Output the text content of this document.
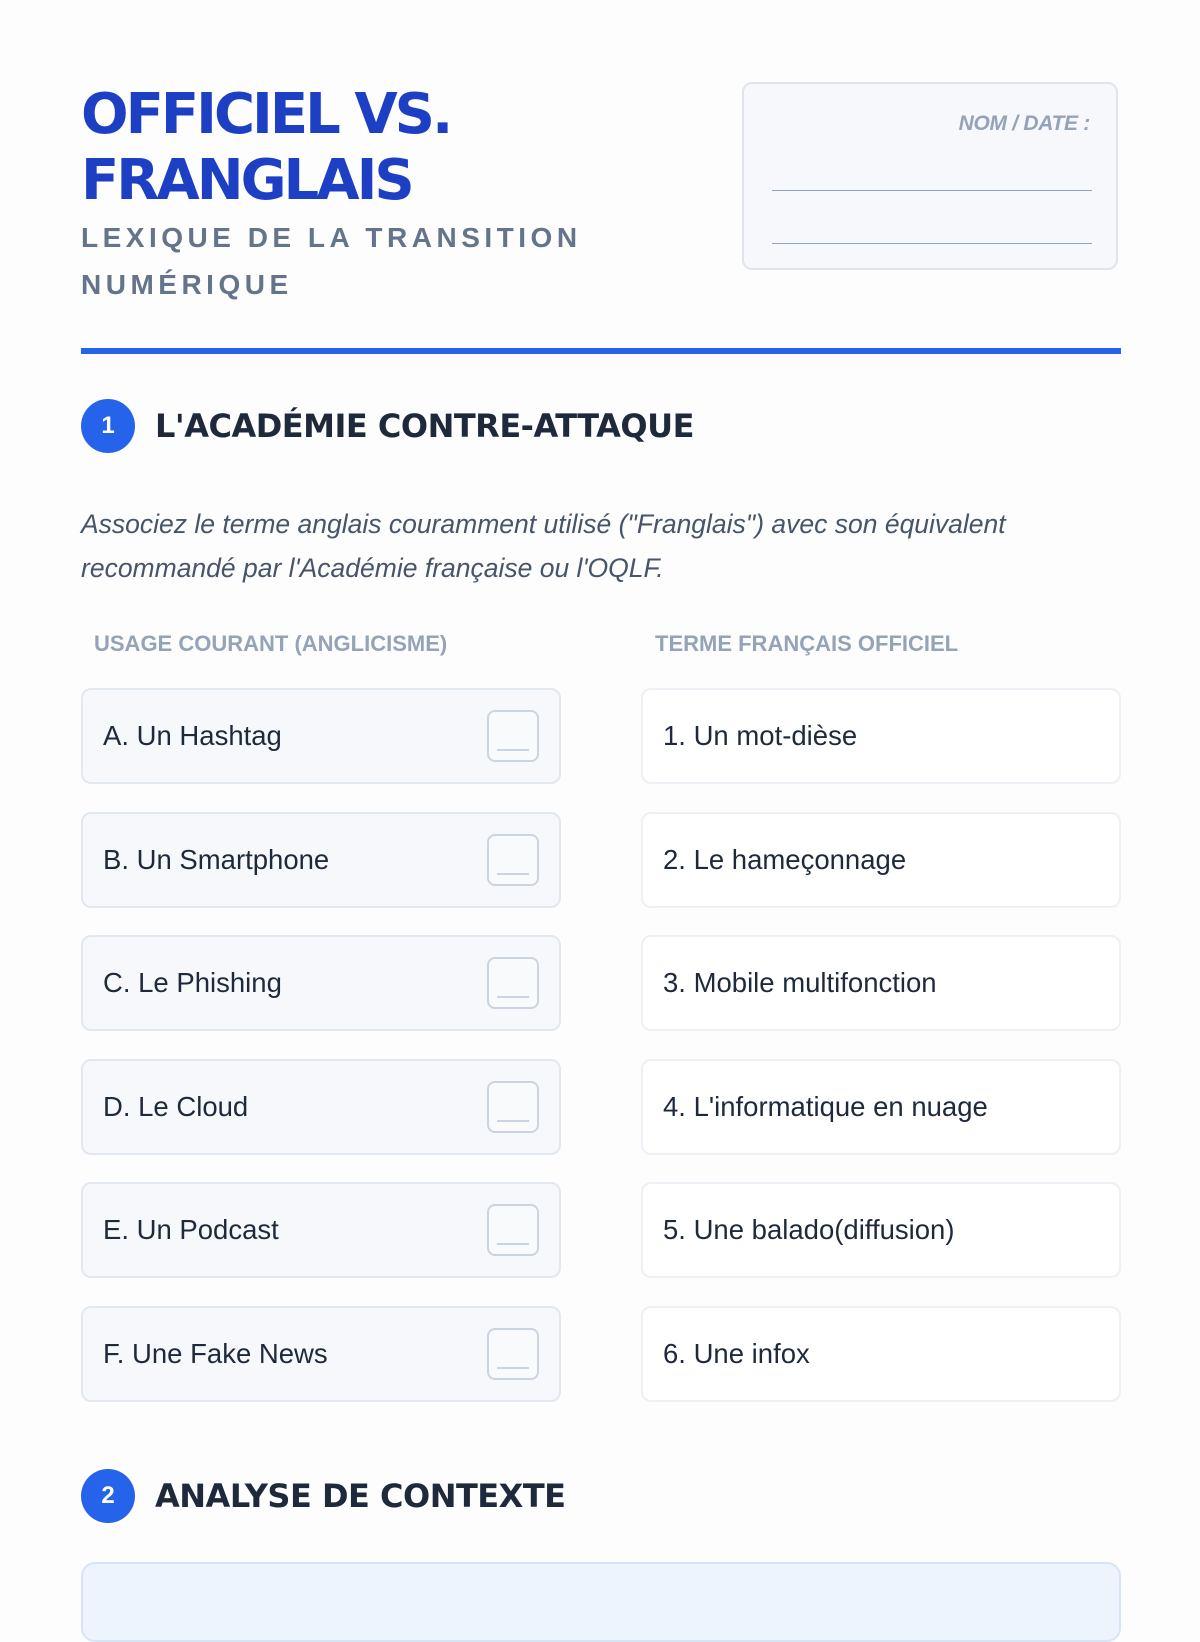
OFFICIEL VS.
FRANGLAIS
LEXIQUE DE LA TRANSITION
NUMÉRIQUE
NOM / DATE :
1	L'ACADÉMIE CONTRE-ATTAQUE
Associez le terme anglais couramment utilisé ("Franglais") avec son équivalent
recommandé par l'Académie française ou l'OQLF.
USAGE COURANT (ANGLICISME)	TERME FRANÇAIS OFFICIEL
A. Un Hashtag
B. Un Smartphone
C. Le Phishing
D. Le Cloud
E. Un Podcast
F. Une Fake News
1. Un mot-dièse
2. Le hameçonnage
3. Mobile multifonction
4. L'informatique en nuage
5. Une balado(diffusion)
6. Une infox
2	ANALYSE DE CONTEXTE
